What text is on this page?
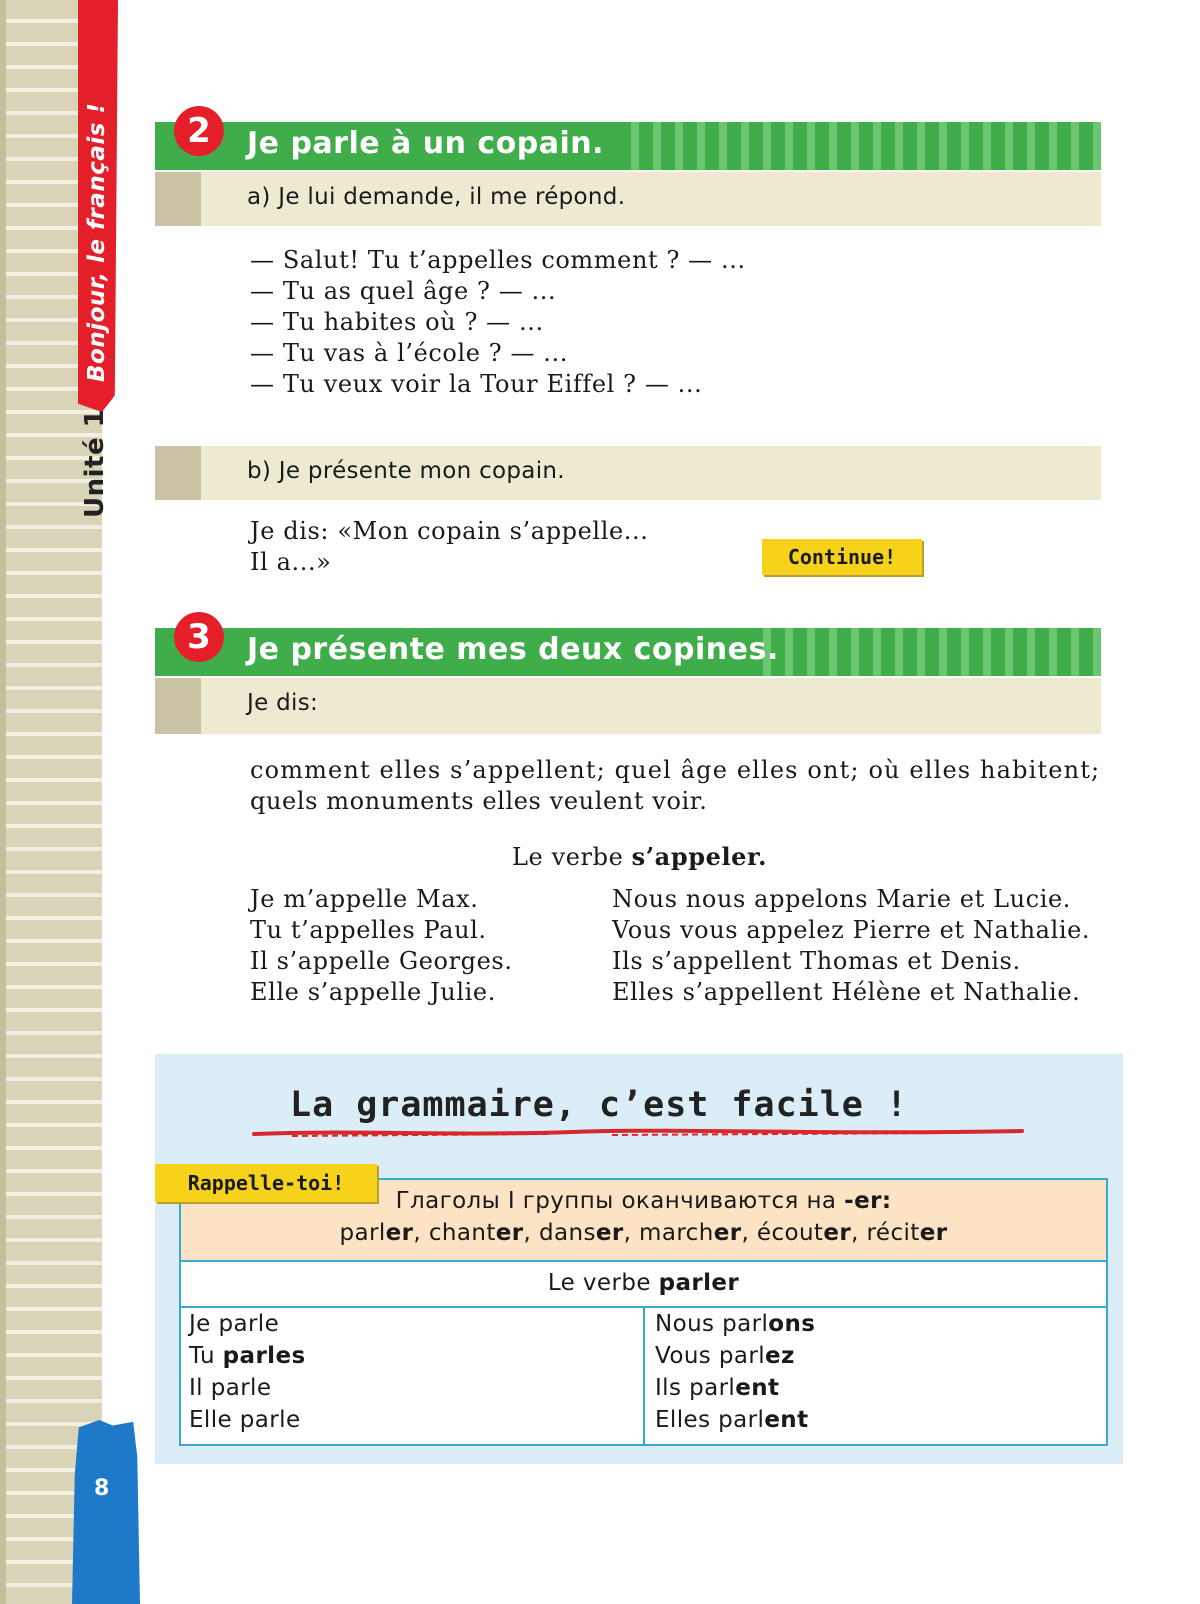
Bonjour, le français !
Unité 1
8
Je parle à un copain.
2
a) Je lui demande, il me répond.
— Salut! Tu t’appelles comment ? — ...
— Tu as quel âge ? — ...
— Tu habites où ? — ...
— Tu vas à l’école ? — ...
— Tu veux voir la Tour Eiffel ? — ...
b) Je présente mon copain.
Je dis: «Mon copain s’appelle...
Il a...»	Continue!
Je présente mes deux copines.
3
Je dis:
comment elles s’appellent; quel âge elles ont; où elles habitent;
quels monuments elles veulent voir.
Le verbe s’appeler.
Je m’appelle Max.
Tu t’appelles Paul.
Il s’appelle Georges.
Elle s’appelle Julie.
Nous nous appelons Marie et Lucie.
Vous vous appelez Pierre et Nathalie.
Ils s’appellent Thomas et Denis.
Elles s’appellent Hélène et Nathalie.
La grammaire, c’est facile !
Rappelle-toi!
Глаголы I группы оканчиваются на -er:
parler, chanter, danser, marcher, écouter, réciter
Le verbe parler
Je parle
Tu parles
Il parle
Elle parle
Nous parlons
Vous parlez
Ils parlent
Elles parlent
